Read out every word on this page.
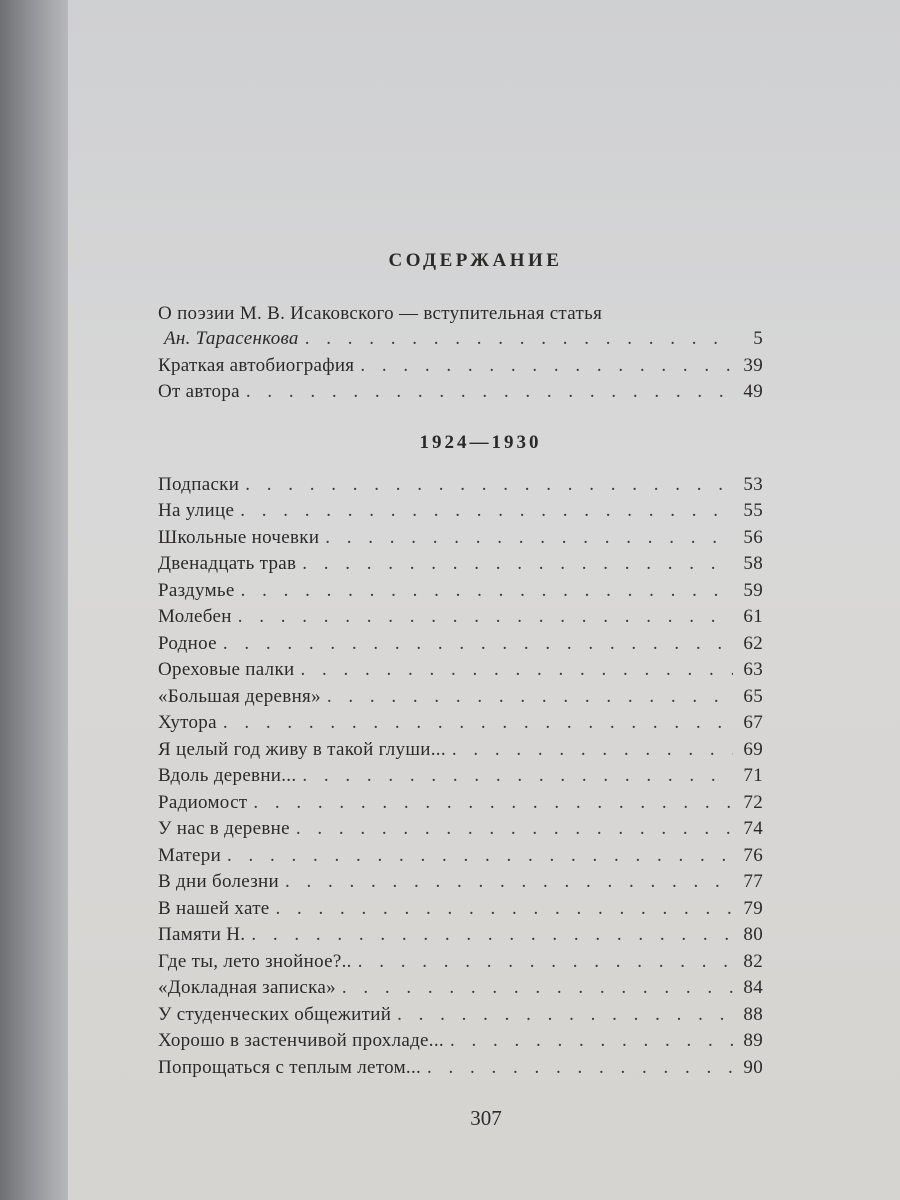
СОДЕРЖАНИЕ
О поэзии М. В. Исаковского — вступительная статья
Ан. Тарасенкова . . .	5
Краткая автобиография . . .	39
От автора . . .	49
1924—1930
Подпаски . . .	53
На улице . . .	55
Школьные ночевки . . .	56
Двенадцать трав . . .	58
Раздумье . . .	59
Молебен . . .	61
Родное . . .	62
Ореховые палки . . .	63
«Большая деревня» . . .	65
Хутора . . .	67
Я целый год живу в такой глуши... . . .	69
Вдоль деревни... . . .	71
Радиомост . . .	72
У нас в деревне . . .	74
Матери . . .	76
В дни болезни . . .	77
В нашей хате . . .	79
Памяти Н. . . .	80
Где ты, лето знойное?.. . . .	82
«Докладная записка» . . .	84
У студенческих общежитий . . .	88
Хорошо в застенчивой прохладе... . . .	89
Попрощаться с теплым летом... . . .	90
307
